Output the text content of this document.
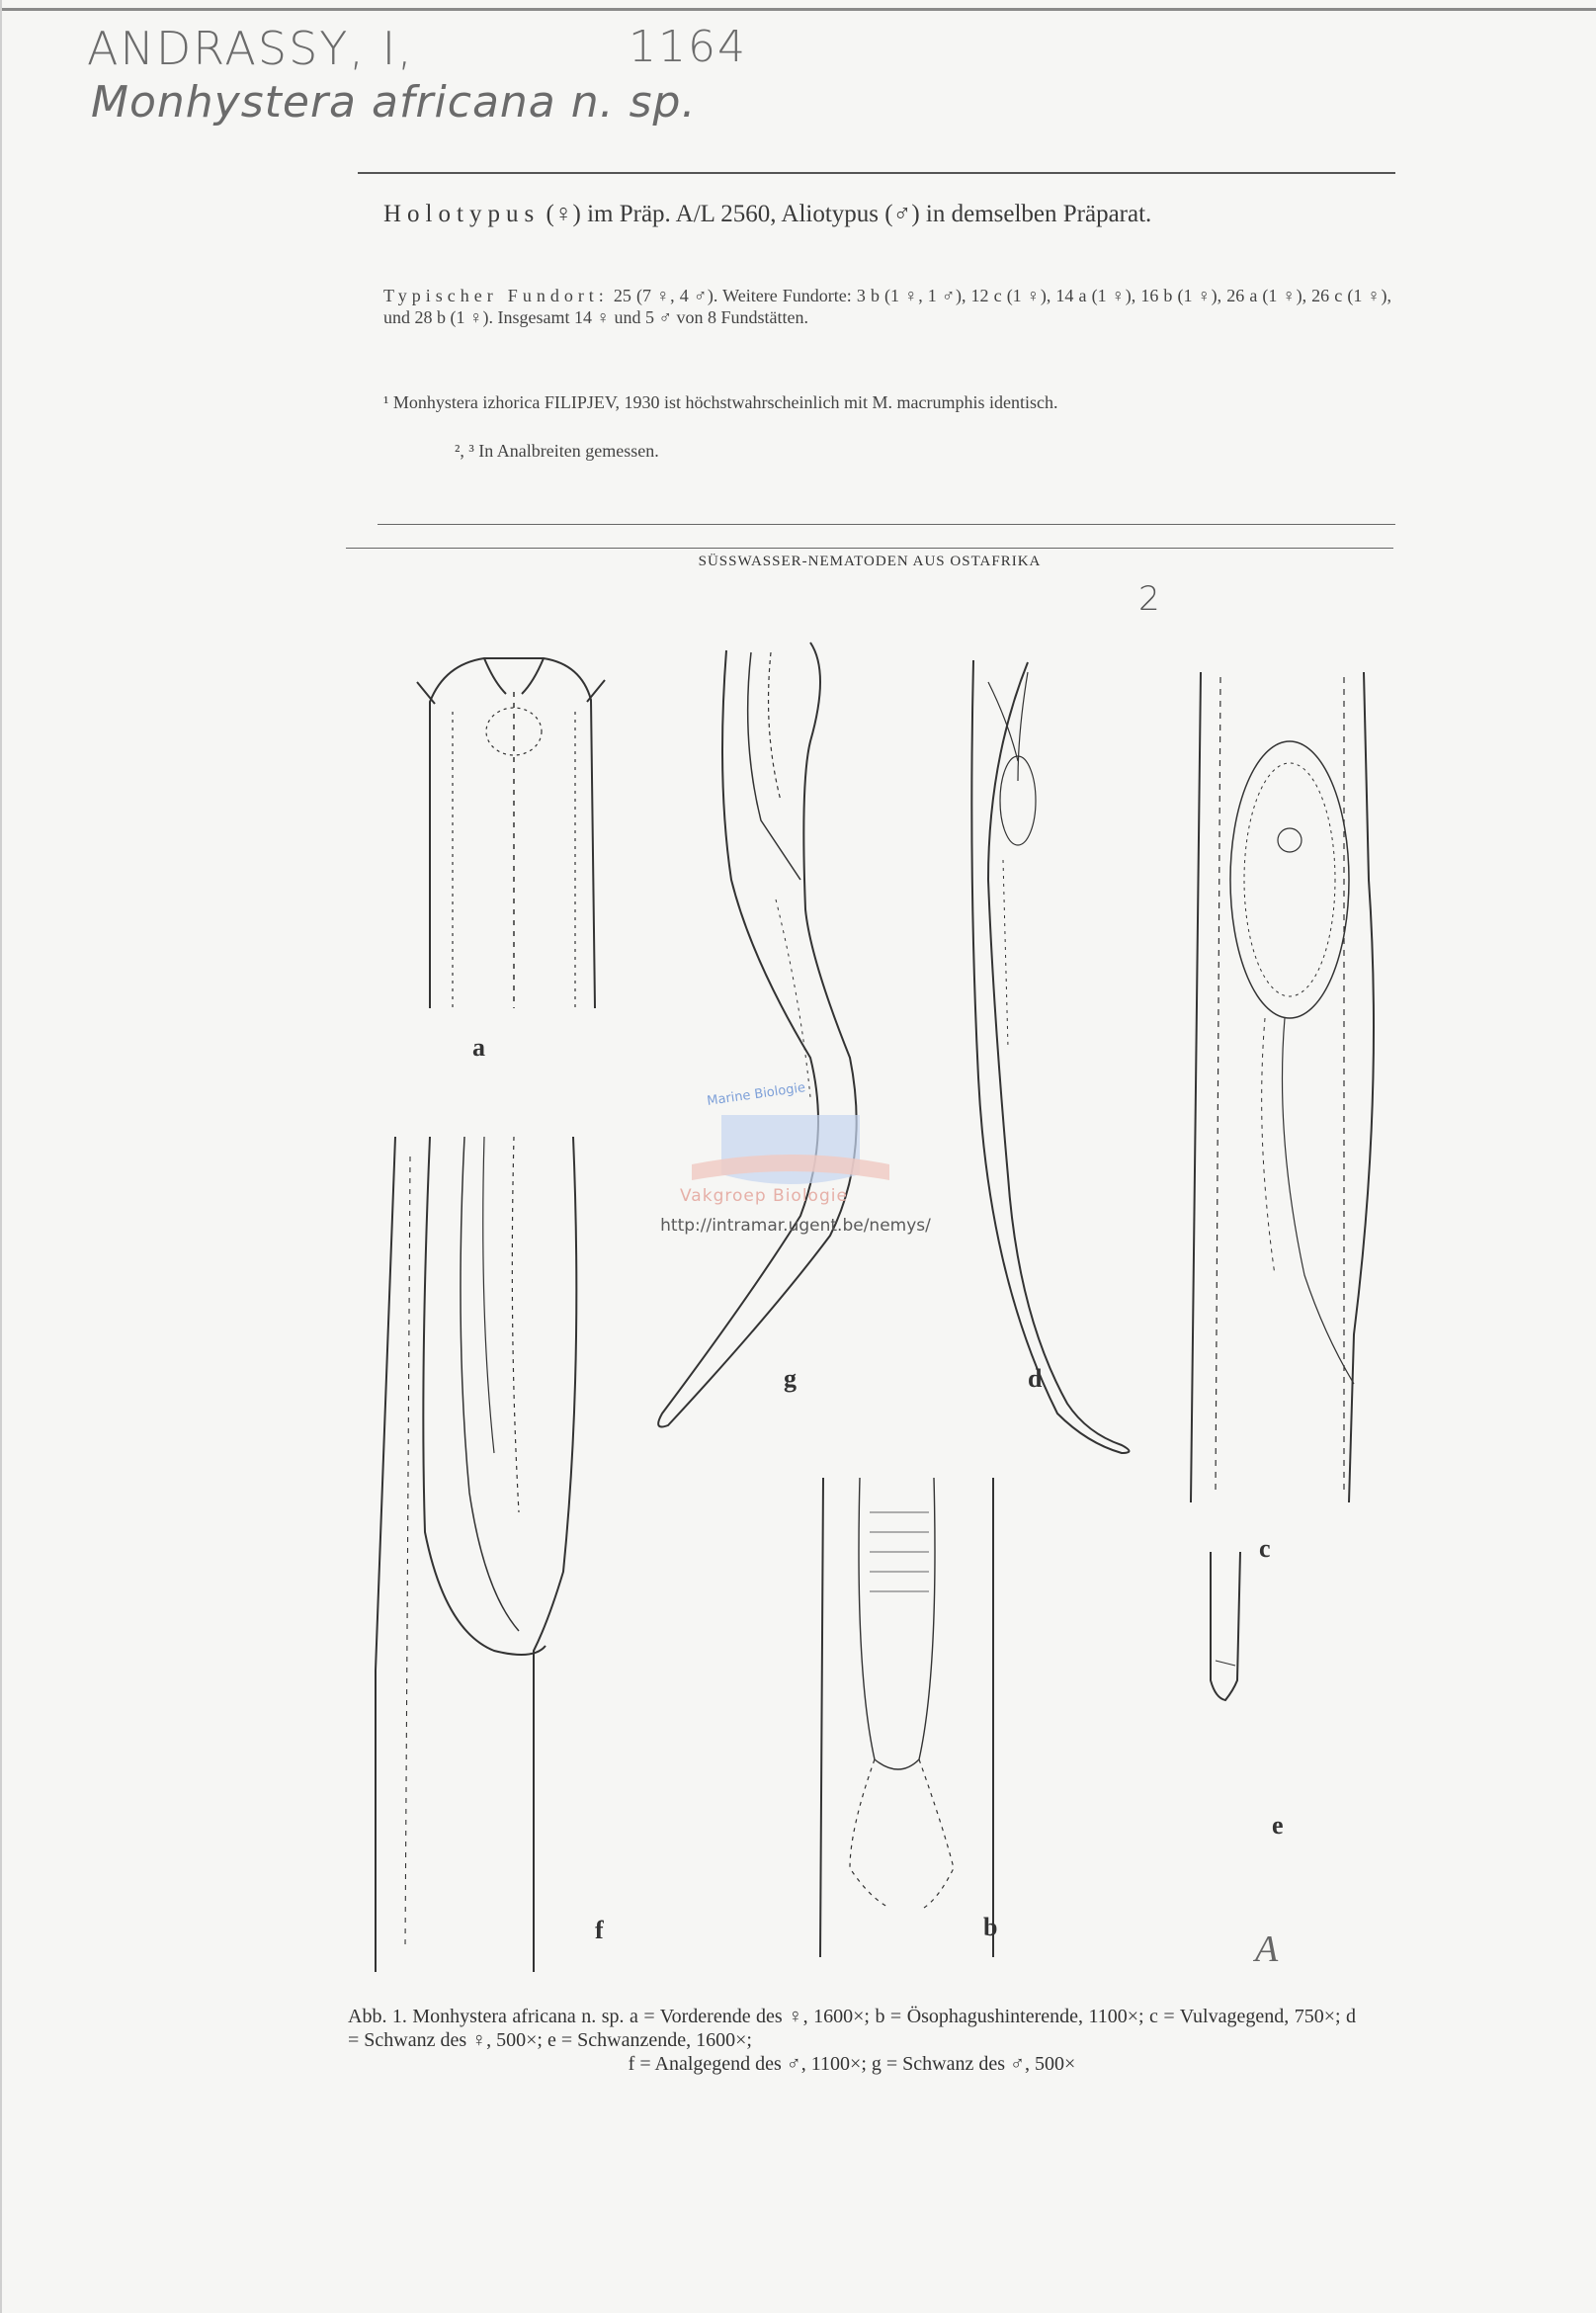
ANDRASSY, I,	1164
Monhystera africana n. sp.
Holotypus (♀) im Präp. A/L 2560, Aliotypus (♂) in demselben Präparat.
Typischer Fundort: 25 (7 ♀, 4 ♂). Weitere Fundorte: 3 b (1 ♀, 1 ♂), 12 c (1 ♀), 14 a (1 ♀), 16 b (1 ♀), 26 a (1 ♀), 26 c (1 ♀), und 28 b (1 ♀). Insgesamt 14 ♀ und 5 ♂ von 8 Fundstätten.
¹ Monhystera izhorica FILIPJEV, 1930 ist höchstwahrscheinlich mit M. macrumphis identisch.
², ³ In Analbreiten gemessen.
SÜSSWASSER-NEMATODEN AUS OSTAFRIKA
2
a
g	d
c
e
f	b
Marine Biologie
Vakgroep Biologie
http://intramar.ugent.be/nemys/
A
Abb. 1. Monhystera africana n. sp. a = Vorderende des ♀, 1600×; b = Ösophagushinterende, 1100×; c = Vulvagegend, 750×; d = Schwanz des ♀, 500×; e = Schwanzende, 1600×;
f = Analgegend des ♂, 1100×; g = Schwanz des ♂, 500×
